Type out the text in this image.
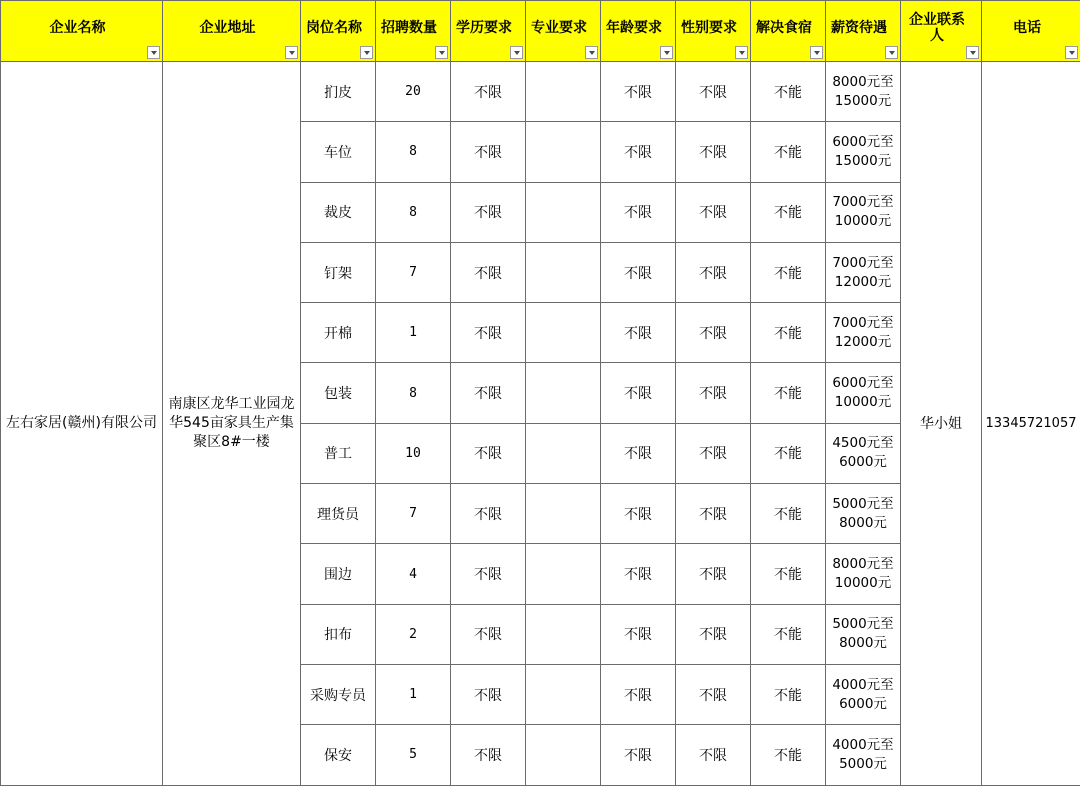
企业名称	企业地址	岗位名称	招聘数量	学历要求	专业要求	年龄要求	性别要求	解决食宿	薪资待遇	企业联系人	电话

左右家居(赣州)有限公司	南康区龙华工业园龙华545亩家具生产集聚区8#一楼	扪皮	20	不限		不限	不限	不能	8000元至
15000元	华小姐	13345721057
		车位	8	不限		不限	不限	不能	6000元至
15000元		

		裁皮	8	不限		不限	不限	不能	7000元至
10000元		

		钉架	7	不限		不限	不限	不能	7000元至
12000元		

		开棉	1	不限		不限	不限	不能	7000元至
12000元		

		包装	8	不限		不限	不限	不能	6000元至
10000元		

		普工	10	不限		不限	不限	不能	4500元至
6000元		

		理货员	7	不限		不限	不限	不能	5000元至
8000元		

		围边	4	不限		不限	不限	不能	8000元至
10000元		

		扣布	2	不限		不限	不限	不能	5000元至
8000元		

		采购专员	1	不限		不限	不限	不能	4000元至
6000元		

		保安	5	不限		不限	不限	不能	4000元至
5000元		
